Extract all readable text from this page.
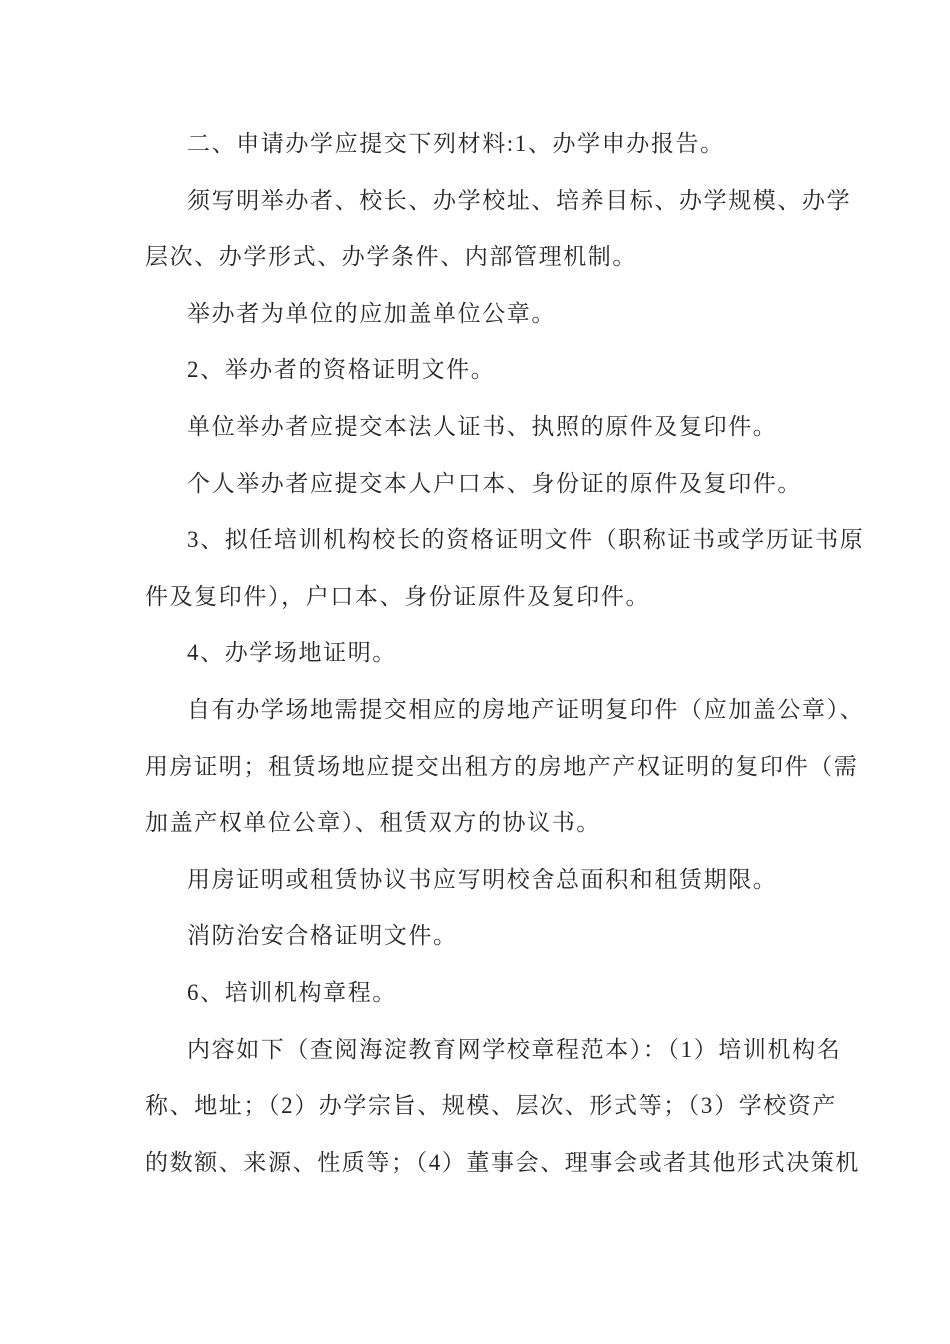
二、申请办学应提交下列材料:1、办学申办报告。
须写明举办者、校长、办学校址、培养目标、办学规模、办学
层次、办学形式、办学条件、内部管理机制。
举办者为单位的应加盖单位公章。
2、举办者的资格证明文件。
单位举办者应提交本法人证书、执照的原件及复印件。
个人举办者应提交本人户口本、身份证的原件及复印件。
3、拟任培训机构校长的资格证明文件（职称证书或学历证书原
件及复印件），户口本、身份证原件及复印件。
4、办学场地证明。
自有办学场地需提交相应的房地产证明复印件（应加盖公章）、
用房证明；租赁场地应提交出租方的房地产产权证明的复印件（需
加盖产权单位公章）、租赁双方的协议书。
用房证明或租赁协议书应写明校舍总面积和租赁期限。
消防治安合格证明文件。
6、培训机构章程。
内容如下（查阅海淀教育网学校章程范本）：（1）培训机构名
称、地址；（2）办学宗旨、规模、层次、形式等；（3）学校资产
的数额、来源、性质等；（4）董事会、理事会或者其他形式决策机
